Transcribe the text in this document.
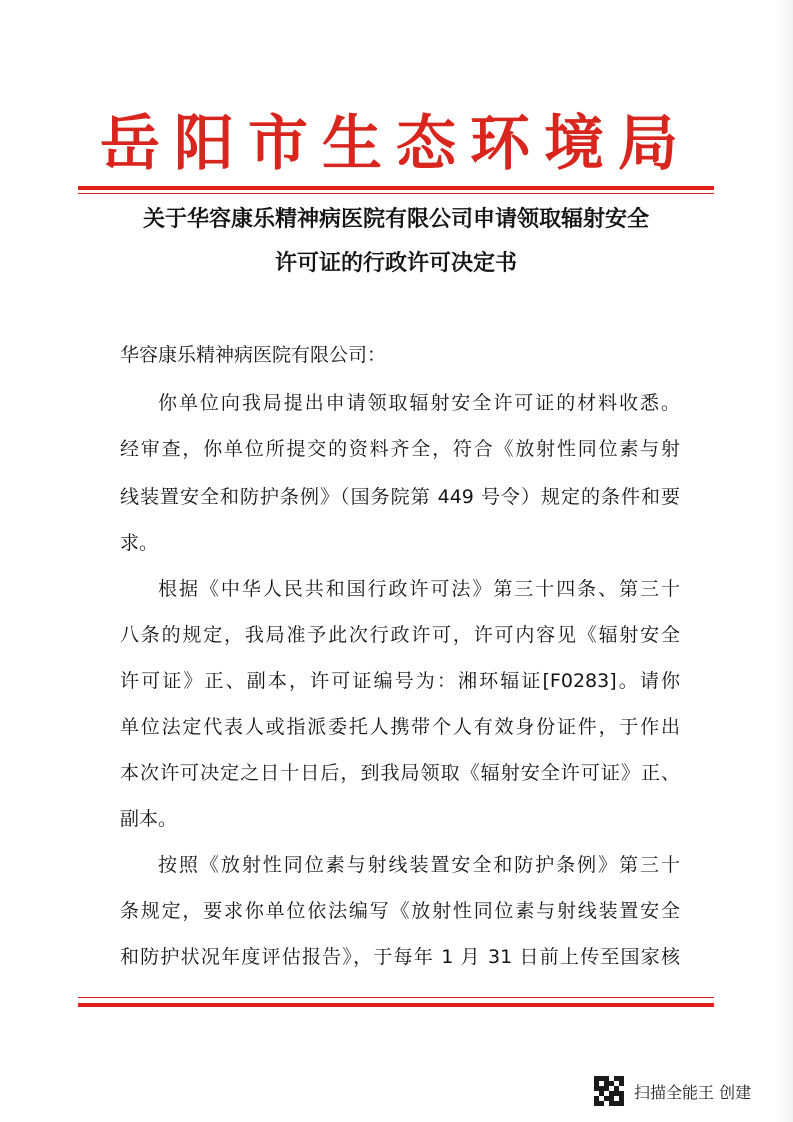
岳阳市生态环境局
关于华容康乐精神病医院有限公司申请领取辐射安全
许可证的行政许可决定书
华容康乐精神病医院有限公司：
你单位向我局提出申请领取辐射安全许可证的材料收悉。
经审查，你单位所提交的资料齐全，符合《放射性同位素与射
线装置安全和防护条例》（国务院第 449 号令）规定的条件和要
求。
根据《中华人民共和国行政许可法》第三十四条、第三十
八条的规定，我局准予此次行政许可，许可内容见《辐射安全
许可证》正、副本，许可证编号为：湘环辐证[F0283]。请你
单位法定代表人或指派委托人携带个人有效身份证件，于作出
本次许可决定之日十日后，到我局领取《辐射安全许可证》正、
副本。
按照《放射性同位素与射线装置安全和防护条例》第三十
条规定，要求你单位依法编写《放射性同位素与射线装置安全
和防护状况年度评估报告》，于每年 1 月 31 日前上传至国家核
扫描全能王 创建
